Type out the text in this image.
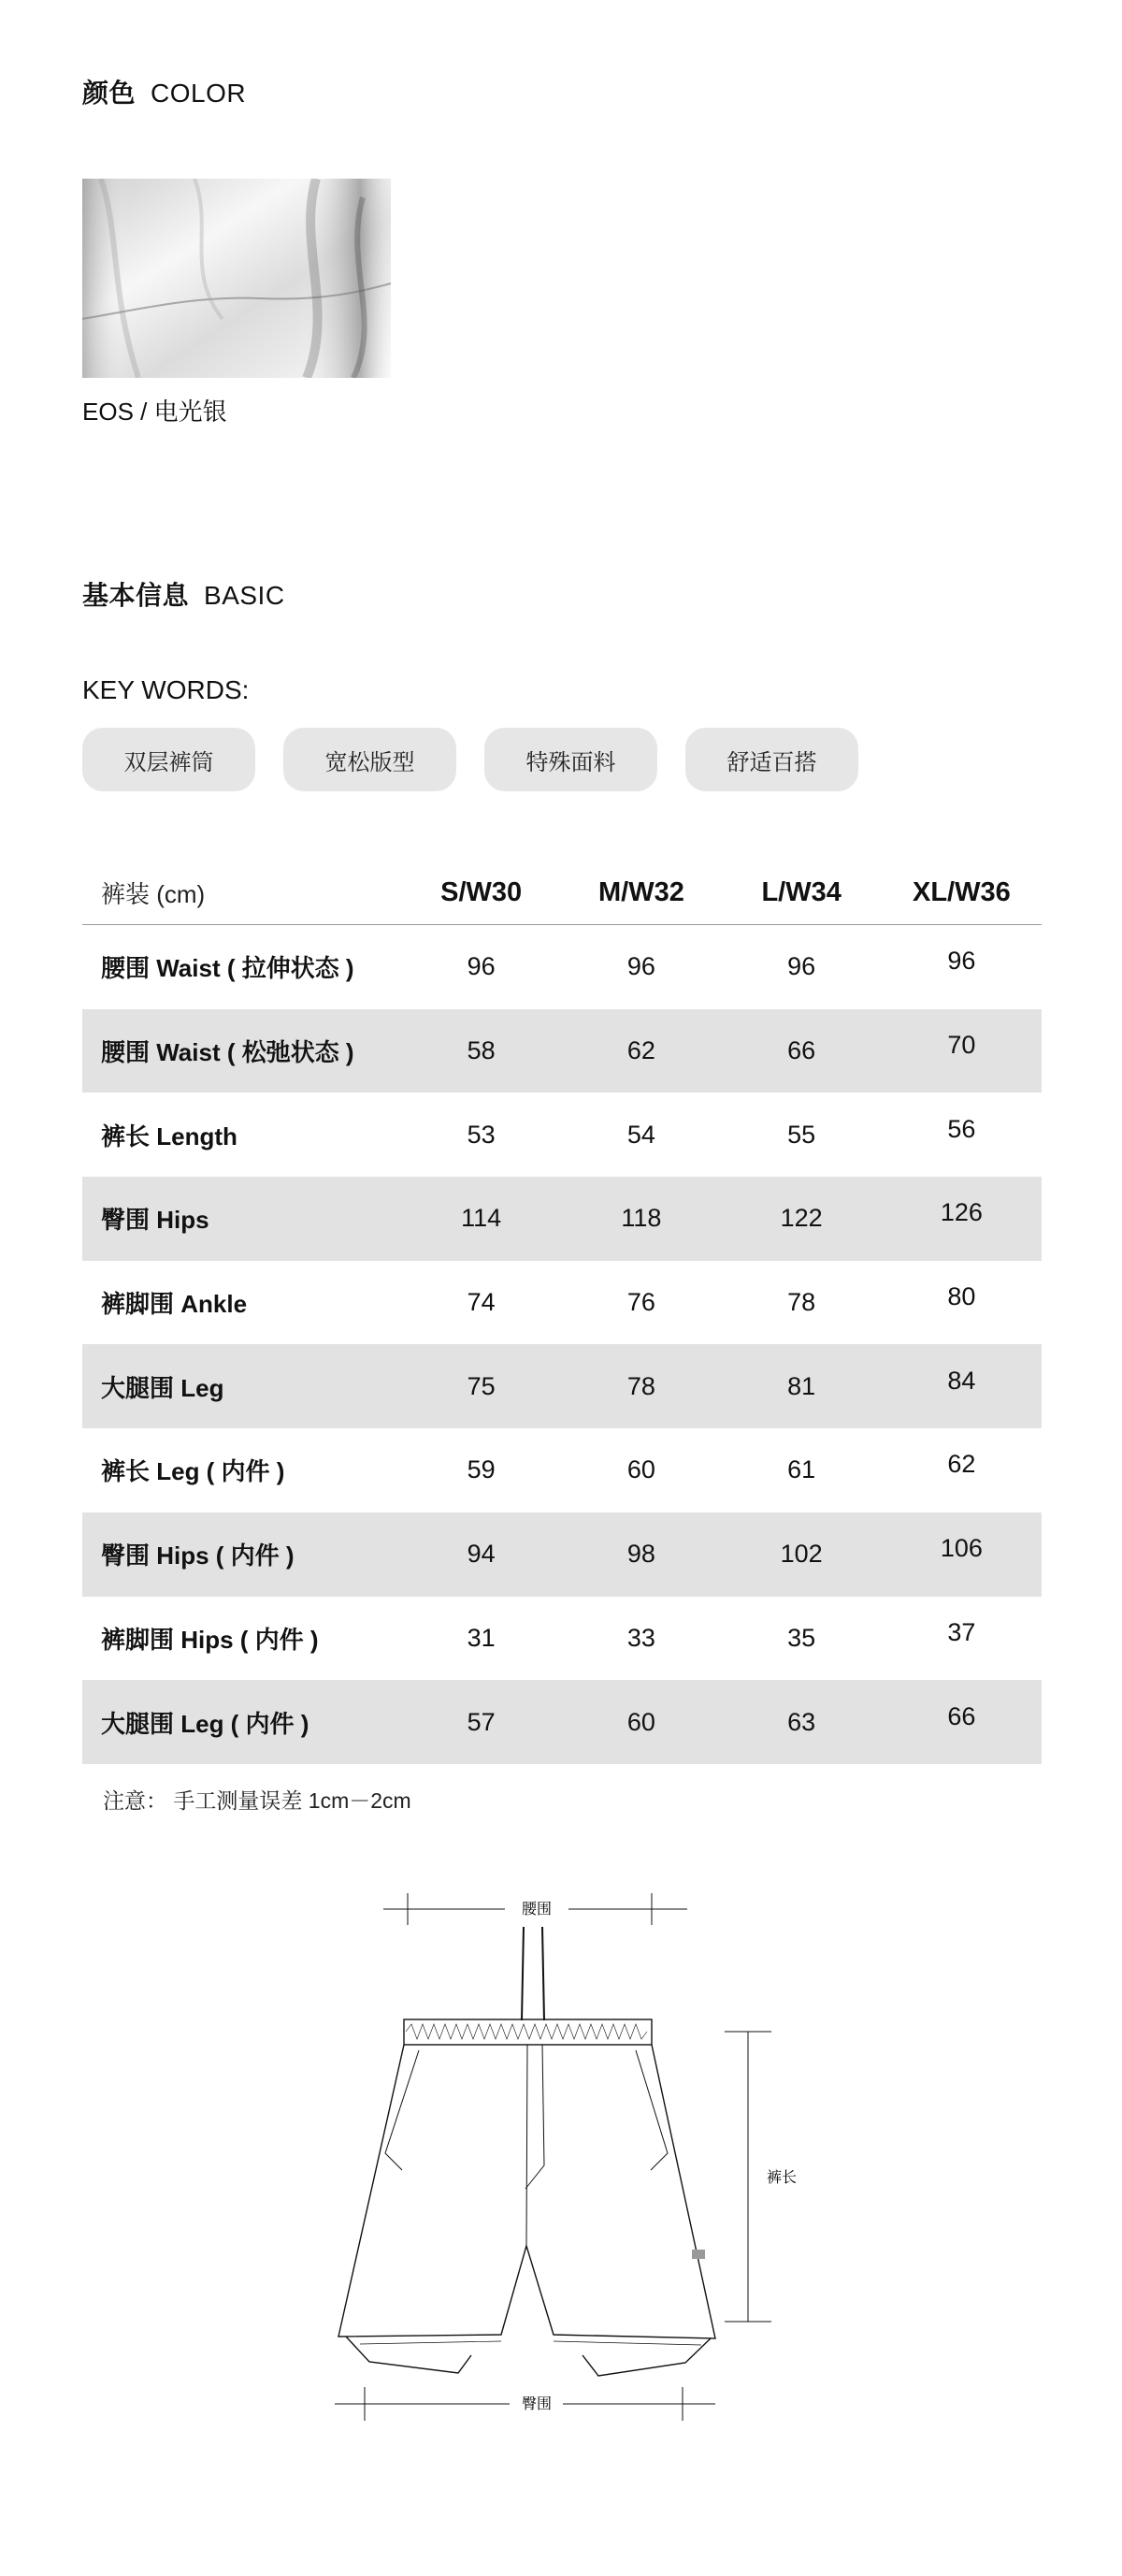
颜色 COLOR
EOS / 电光银
基本信息 BASIC
KEY WORDS:
双层裤筒	宽松版型	特殊面料	舒适百搭
裤装 (cm)	S/W30	M/W32	L/W34	XL/W36
腰围 Waist ( 拉伸状态 )	96	96	96	96
腰围 Waist ( 松弛状态 )	58	62	66	70
裤长 Length	53	54	55	56
臀围 Hips	114	118	122	126
裤脚围 Ankle	74	76	78	80
大腿围 Leg	75	78	81	84
裤长 Leg ( 内件 )	59	60	61	62
臀围 Hips ( 内件 )	94	98	102	106
裤脚围 Hips ( 内件 )	31	33	35	37
大腿围 Leg ( 内件 )	57	60	63	66
注意： 手工测量误差 1cm－2cm
腰围
裤长
臀围
